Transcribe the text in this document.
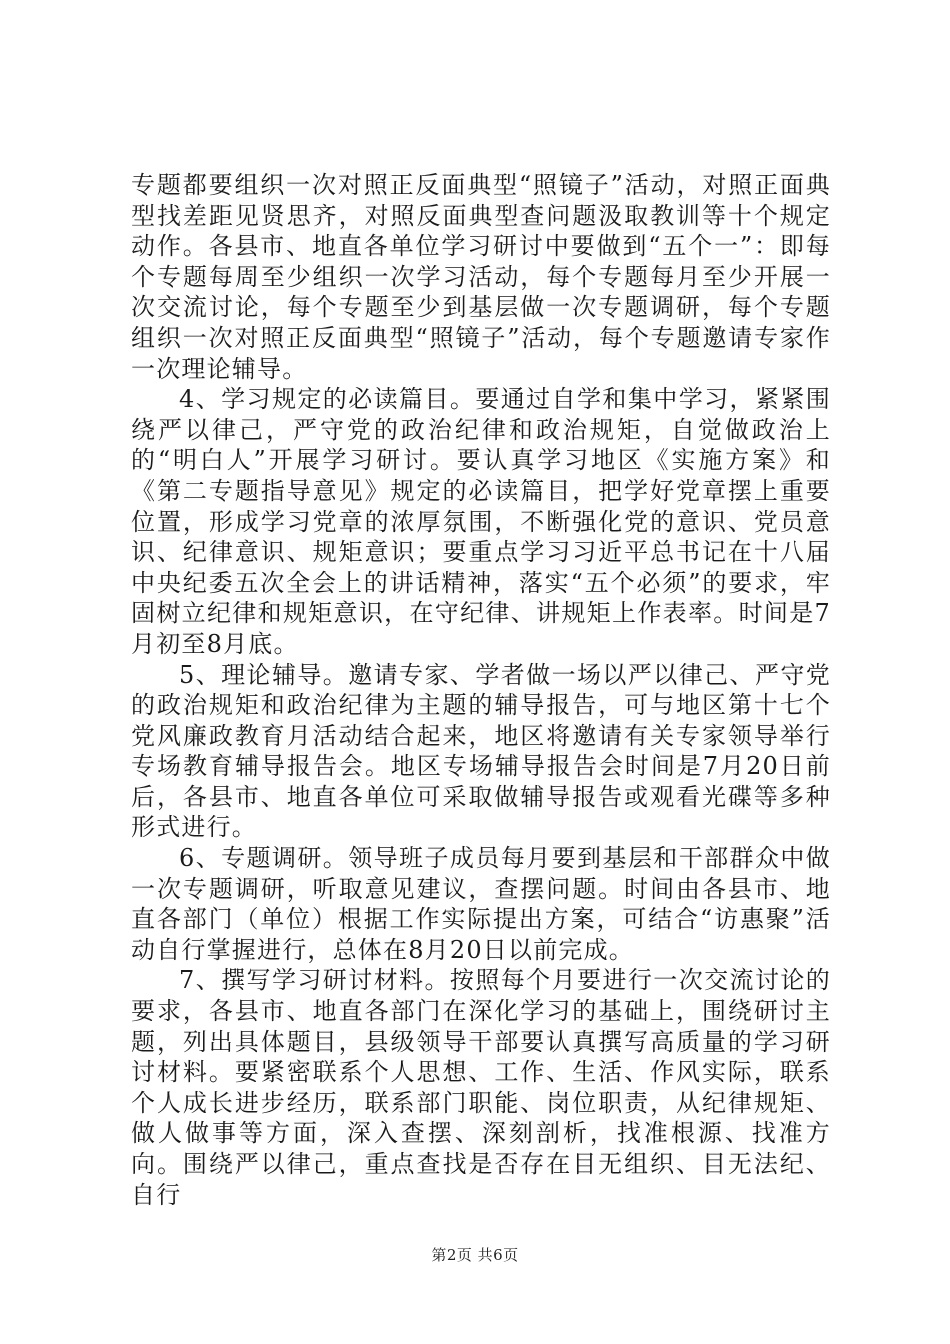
专题都要组织一次对照正反面典型“照镜子”活动，对照正面典型找差距见贤思齐，对照反面典型查问题汲取教训等十个规定动作。各县市、地直各单位学习研讨中要做到“五个一”：即每个专题每周至少组织一次学习活动，每个专题每月至少开展一次交流讨论，每个专题至少到基层做一次专题调研，每个专题组织一次对照正反面典型“照镜子”活动，每个专题邀请专家作一次理论辅导。

4、学习规定的必读篇目。要通过自学和集中学习，紧紧围绕严以律己，严守党的政治纪律和政治规矩，自觉做政治上的“明白人”开展学习研讨。要认真学习地区《实施方案》和《第二专题指导意见》规定的必读篇目，把学好党章摆上重要位置，形成学习党章的浓厚氛围，不断强化党的意识、党员意识、纪律意识、规矩意识；要重点学习习近平总书记在十八届中央纪委五次全会上的讲话精神，落实“五个必须”的要求，牢固树立纪律和规矩意识，在守纪律、讲规矩上作表率。时间是7月初至8月底。

5、理论辅导。邀请专家、学者做一场以严以律己、严守党的政治规矩和政治纪律为主题的辅导报告，可与地区第十七个党风廉政教育月活动结合起来，地区将邀请有关专家领导举行专场教育辅导报告会。地区专场辅导报告会时间是7月20日前后，各县市、地直各单位可采取做辅导报告或观看光碟等多种形式进行。

6、专题调研。领导班子成员每月要到基层和干部群众中做一次专题调研，听取意见建议，查摆问题。时间由各县市、地直各部门（单位）根据工作实际提出方案，可结合“访惠聚”活动自行掌握进行，总体在8月20日以前完成。

7、撰写学习研讨材料。按照每个月要进行一次交流讨论的要求，各县市、地直各部门在深化学习的基础上，围绕研讨主题，列出具体题目，县级领导干部要认真撰写高质量的学习研讨材料。要紧密联系个人思想、工作、生活、作风实际，联系个人成长进步经历，联系部门职能、岗位职责，从纪律规矩、做人做事等方面，深入查摆、深刻剖析，找准根源、找准方向。围绕严以律己，重点查找是否存在目无组织、目无法纪、自行

第2页 共6页
